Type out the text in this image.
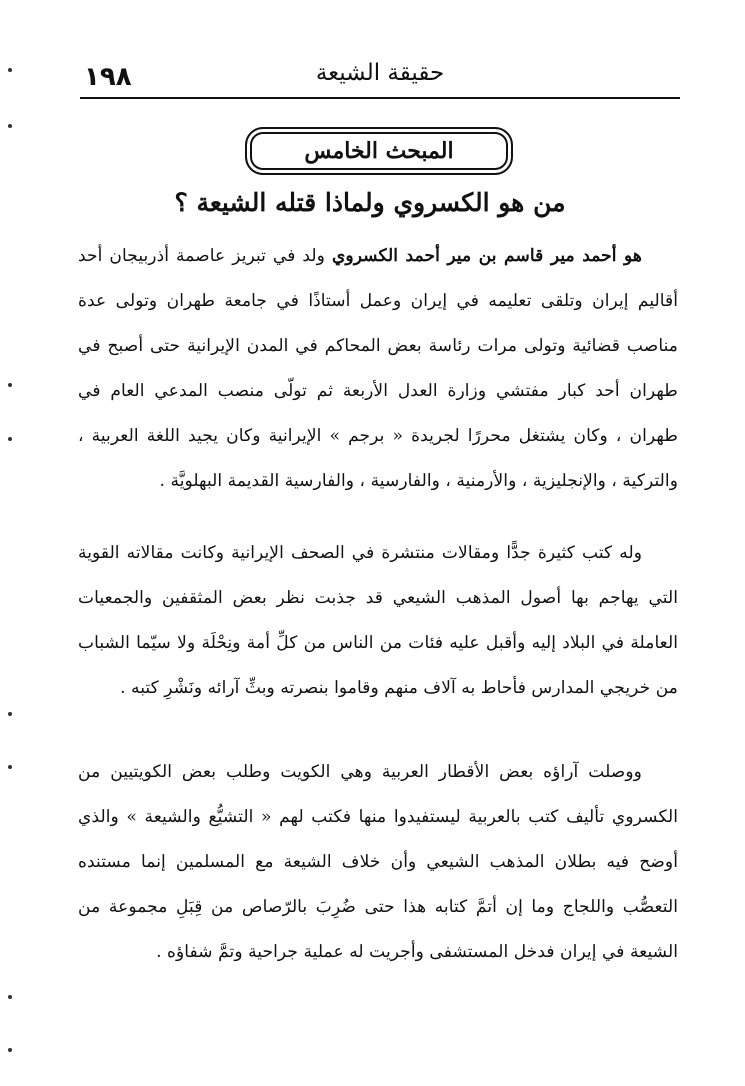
١٩٨	حقيقة الشيعة
المبحث الخامس
من هو الكسروي ولماذا قتله الشيعة ؟

هو أحمد مير قاسم بن مير أحمد الكسروي ولد في تبريز عاصمة أذربيجان أحد أقاليم إيران وتلقى تعليمه في إيران وعمل أستاذًا في جامعة طهران وتولى عدة مناصب قضائية وتولى مرات رئاسة بعض المحاكم في المدن الإيرانية حتى أصبح في طهران أحد كبار مفتشي وزارة العدل الأربعة ثم تولّى منصب المدعي العام في طهران ، وكان يشتغل محررًا لجريدة « برجم » الإيرانية وكان يجيد اللغة العربية ، والتركية ، والإنجليزية ، والأرمنية ، والفارسية ، والفارسية القديمة البهلويَّة .

وله كتب كثيرة جدًّا ومقالات منتشرة في الصحف الإيرانية وكانت مقالاته القوية التي يهاجم بها أصول المذهب الشيعي قد جذبت نظر بعض المثقفين والجمعيات العاملة في البلاد إليه وأقبل عليه فئات من الناس من كلِّ أمة ونِحْلَة ولا سيّما الشباب من خريجي المدارس فأحاط به آلاف منهم وقاموا بنصرته وبثِّ آرائه ونَشْرِ كتبه .

ووصلت آراؤه بعض الأقطار العربية وهي الكويت وطلب بعض الكويتيين من الكسروي تأليف كتب بالعربية ليستفيدوا منها فكتب لهم « التشيُّع والشيعة » والذي أوضح فيه بطلان المذهب الشيعي وأن خلاف الشيعة مع المسلمين إنما مستنده التعصُّب واللجاج وما إن أتمَّ كتابه هذا حتى ضُرِبَ بالرّصاص من قِبَلِ مجموعة من الشيعة في إيران فدخل المستشفى وأجريت له عملية جراحية وتمَّ شفاؤه .
